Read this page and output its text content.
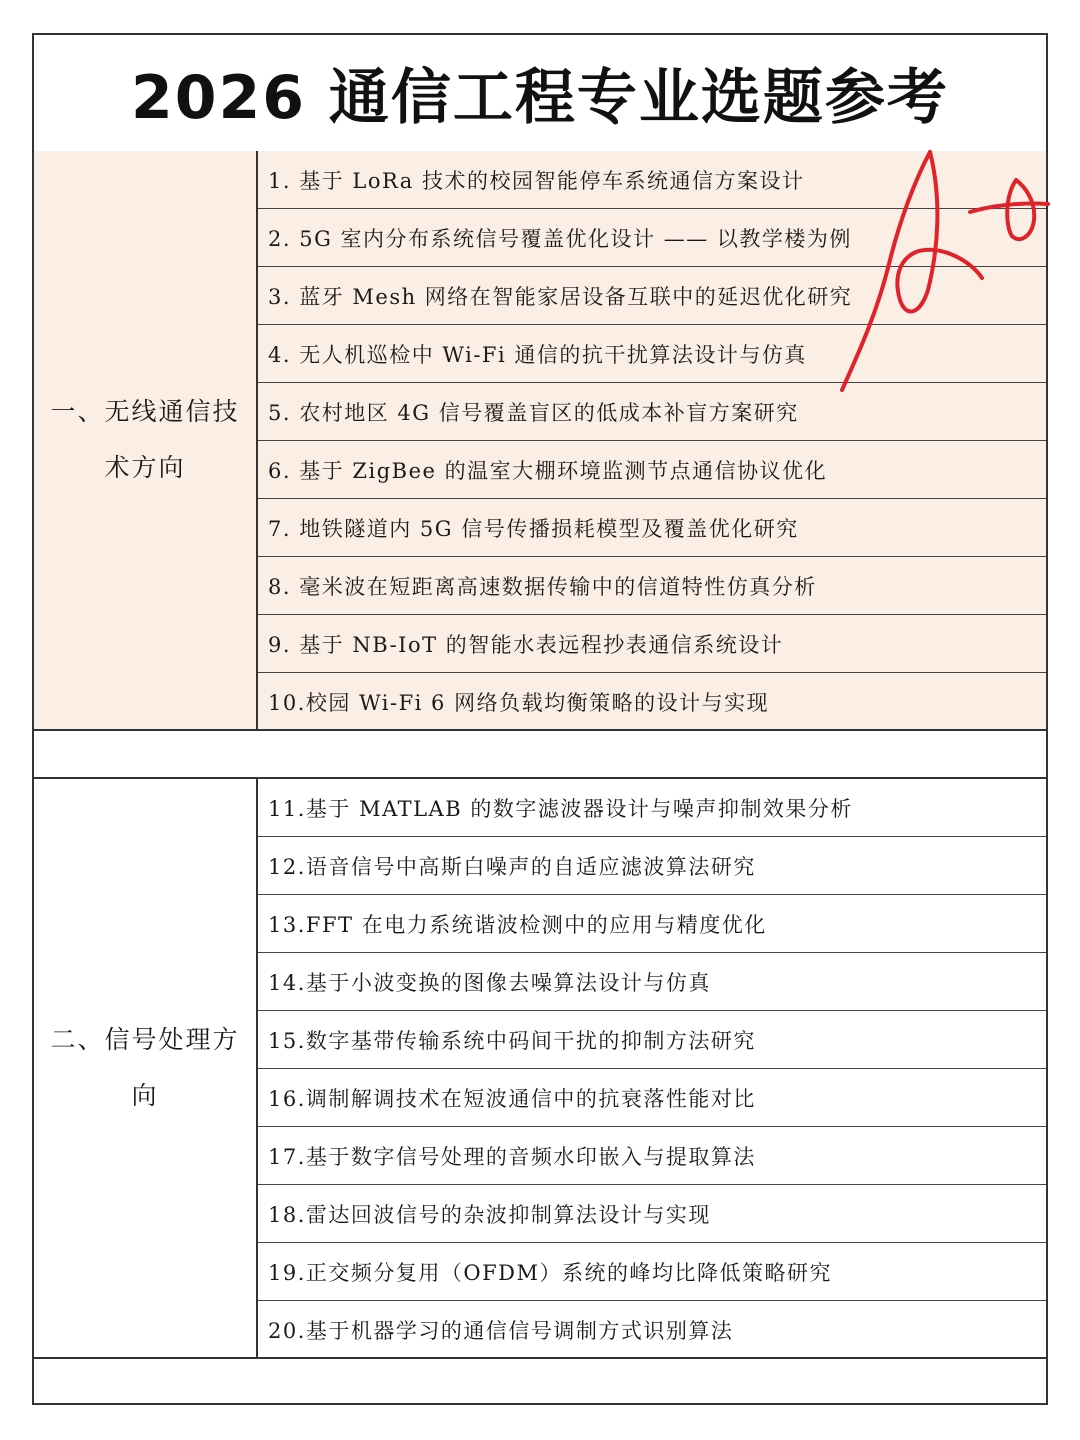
2026 通信工程专业选题参考
一、无线通信技
术方向
1. 基于 LoRa 技术的校园智能停车系统通信方案设计
2. 5G 室内分布系统信号覆盖优化设计 —— 以教学楼为例
3. 蓝牙 Mesh 网络在智能家居设备互联中的延迟优化研究
4. 无人机巡检中 Wi-Fi 通信的抗干扰算法设计与仿真
5. 农村地区 4G 信号覆盖盲区的低成本补盲方案研究
6. 基于 ZigBee 的温室大棚环境监测节点通信协议优化
7. 地铁隧道内 5G 信号传播损耗模型及覆盖优化研究
8. 毫米波在短距离高速数据传输中的信道特性仿真分析
9. 基于 NB-IoT 的智能水表远程抄表通信系统设计
10.校园 Wi-Fi 6 网络负载均衡策略的设计与实现
二、信号处理方
向
11.基于 MATLAB 的数字滤波器设计与噪声抑制效果分析
12.语音信号中高斯白噪声的自适应滤波算法研究
13.FFT 在电力系统谐波检测中的应用与精度优化
14.基于小波变换的图像去噪算法设计与仿真
15.数字基带传输系统中码间干扰的抑制方法研究
16.调制解调技术在短波通信中的抗衰落性能对比
17.基于数字信号处理的音频水印嵌入与提取算法
18.雷达回波信号的杂波抑制算法设计与实现
19.正交频分复用（OFDM）系统的峰均比降低策略研究
20.基于机器学习的通信信号调制方式识别算法
